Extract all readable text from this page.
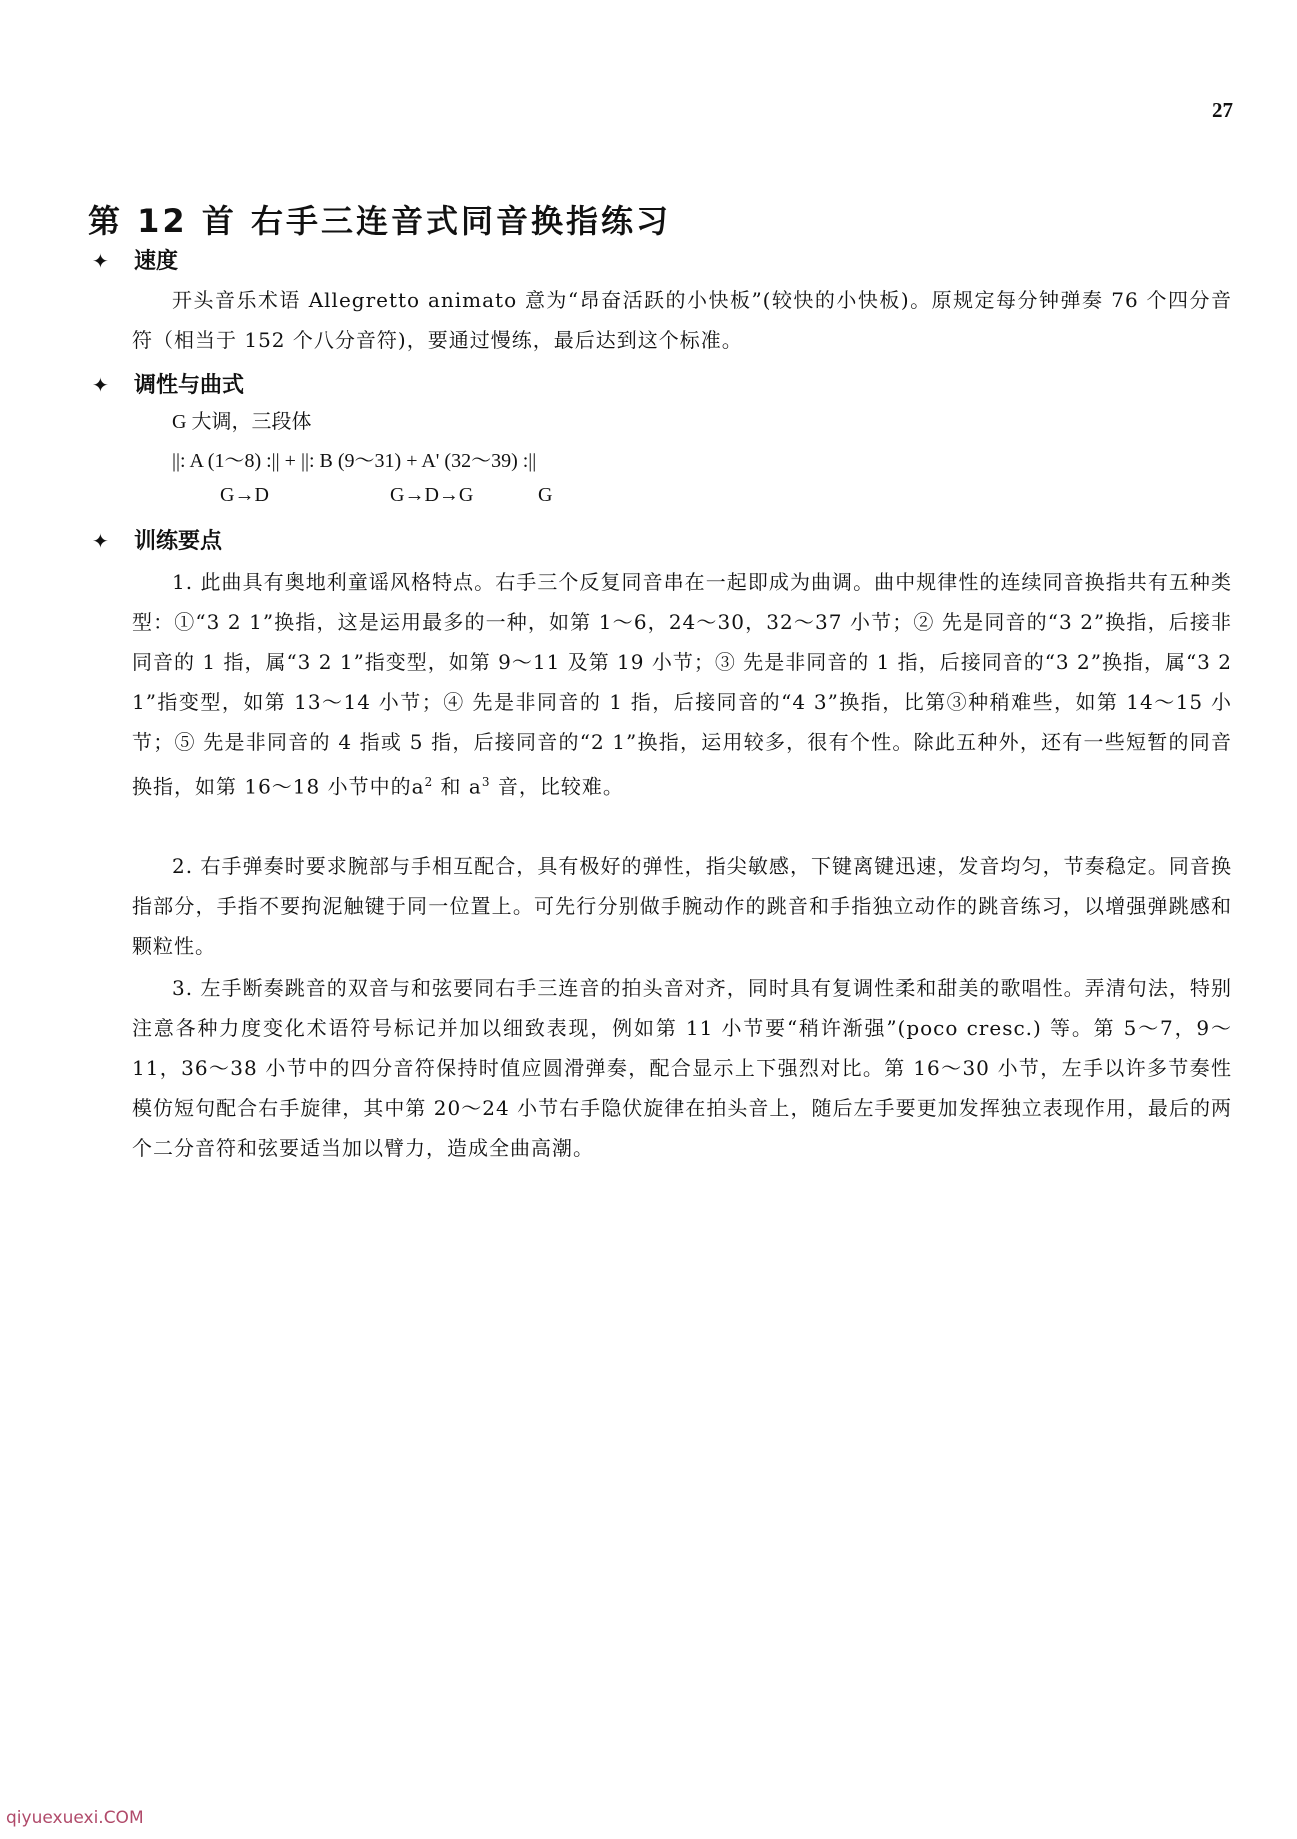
27
第 12 首 右手三连音式同音换指练习
✦ 速度

开头音乐术语 Allegretto animato 意为“昂奋活跃的小快板”(较快的小快板)。原规定每分钟弹奏 76 个四分音符（相当于 152 个八分音符)，要通过慢练，最后达到这个标准。

✦ 调性与曲式
G 大调，三段体
||: A (1～8) :|| + ||: B (9～31) + A' (32～39) :||
G→D	G→D→G	G
✦ 训练要点

1. 此曲具有奥地利童谣风格特点。右手三个反复同音串在一起即成为曲调。曲中规律性的连续同音换指共有五种类型：①“3 2 1”换指，这是运用最多的一种，如第 1～6，24～30，32～37 小节；② 先是同音的“3 2”换指，后接非同音的 1 指，属“3 2 1”指变型，如第 9～11 及第 19 小节；③ 先是非同音的 1 指，后接同音的“3 2”换指，属“3 2 1”指变型，如第 13～14 小节；④ 先是非同音的 1 指，后接同音的“4 3”换指，比第③种稍难些，如第 14～15 小节；⑤ 先是非同音的 4 指或 5 指，后接同音的“2 1”换指，运用较多，很有个性。除此五种外，还有一些短暂的同音换指，如第 16～18 小节中的$a^2$ 和 $a^3$ 音，比较难。

2. 右手弹奏时要求腕部与手相互配合，具有极好的弹性，指尖敏感，下键离键迅速，发音均匀，节奏稳定。同音换指部分，手指不要拘泥触键于同一位置上。可先行分别做手腕动作的跳音和手指独立动作的跳音练习，以增强弹跳感和颗粒性。

3. 左手断奏跳音的双音与和弦要同右手三连音的拍头音对齐，同时具有复调性柔和甜美的歌唱性。弄清句法，特别注意各种力度变化术语符号标记并加以细致表现，例如第 11 小节要“稍许渐强”(poco cresc.) 等。第 5～7，9～11，36～38 小节中的四分音符保持时值应圆滑弹奏，配合显示上下强烈对比。第 16～30 小节，左手以许多节奏性模仿短句配合右手旋律，其中第 20～24 小节右手隐伏旋律在拍头音上，随后左手要更加发挥独立表现作用，最后的两个二分音符和弦要适当加以臂力，造成全曲高潮。

qiyuexuexi.COM
